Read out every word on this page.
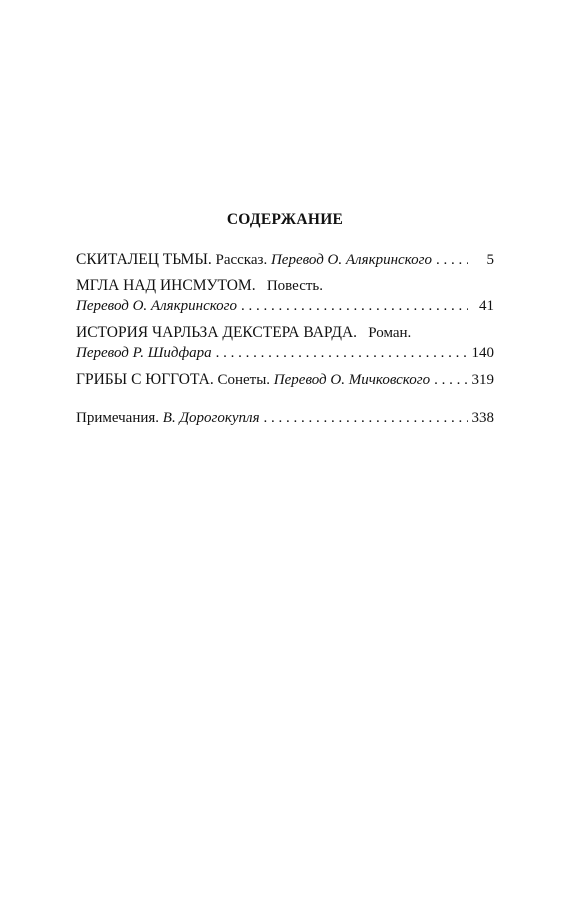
СОДЕРЖАНИЕ
СКИТАЛЕЦ ТЬМЫ.
Рассказ.
Перевод О. Алякринского . . .	5
МГЛА НАД ИНСМУТОМ. Повесть.
Перевод О. Алякринского . . .	41
ИСТОРИЯ ЧАРЛЬЗА ДЕКСТЕРА ВАРДА. Роман.
Перевод Р. Шидфара . . .	140
ГРИБЫ С ЮГГОТА.
Сонеты.
Перевод О. Мичковского . . .	319
Примечания.
В. Дорогокупля . . .	338
